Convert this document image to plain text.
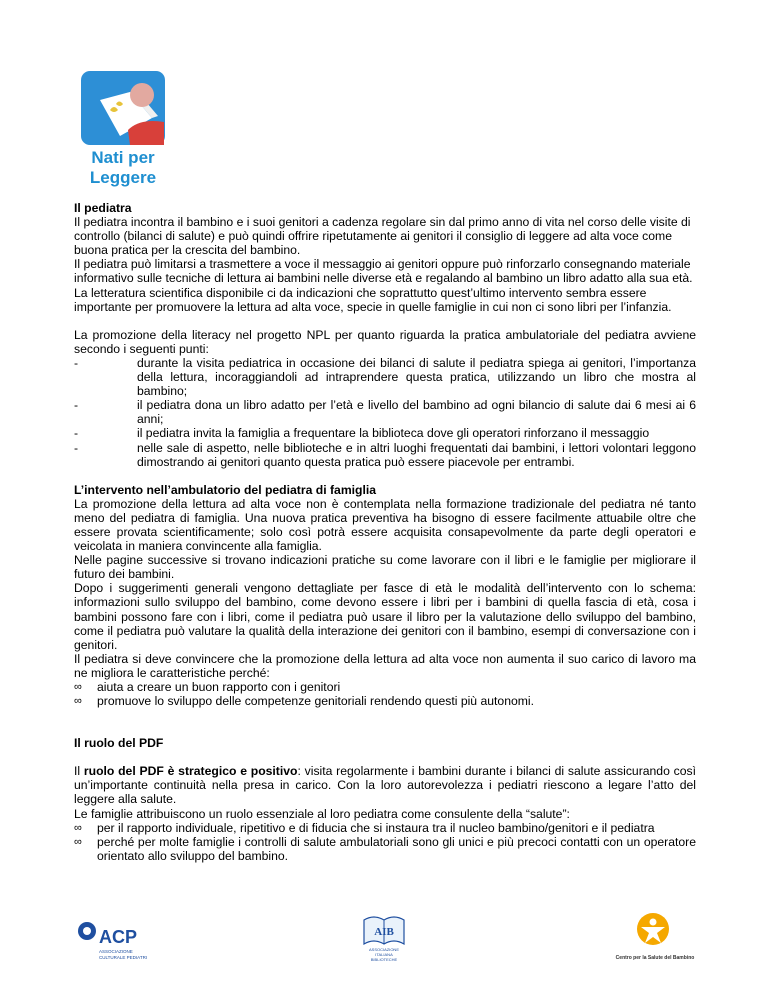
Nati per
Leggere

Il pediatra

Il pediatra incontra il bambino e i suoi genitori a cadenza regolare sin dal primo anno di vita nel corso delle visite di controllo (bilanci di salute) e può quindi offrire ripetutamente ai genitori il consiglio di leggere ad alta voce come buona pratica per la crescita del bambino.

Il pediatra può limitarsi a trasmettere a voce il messaggio ai genitori oppure può rinforzarlo consegnando materiale informativo sulle tecniche di lettura ai bambini nelle diverse età e regalando al bambino un libro adatto alla sua età. La letteratura scientifica disponibile ci da indicazioni che soprattutto quest’ultimo intervento sembra essere importante per promuovere la lettura ad alta voce, specie in quelle famiglie in cui non ci sono libri per l’infanzia.

La promozione della literacy nel progetto NPL per quanto riguarda la pratica ambulatoriale del pediatra avviene secondo i seguenti punti:

-	durante la visita pediatrica in occasione dei bilanci di salute il pediatra spiega ai genitori, l’importanza della lettura, incoraggiandoli ad intraprendere questa pratica, utilizzando un libro che mostra al bambino;
-	il pediatra dona un libro adatto per l’età e livello del bambino ad ogni bilancio di salute dai 6 mesi ai 6 anni;
-	il pediatra invita la famiglia a frequentare la biblioteca dove gli operatori rinforzano il messaggio
-	nelle sale di aspetto, nelle biblioteche e in altri luoghi frequentati dai bambini, i lettori volontari leggono dimostrando ai genitori quanto questa pratica può essere piacevole per entrambi.

L’intervento nell’ambulatorio del pediatra di famiglia

La promozione della lettura ad alta voce non è contemplata nella formazione tradizionale del pediatra né tanto meno del pediatra di famiglia. Una nuova pratica preventiva ha bisogno di essere facilmente attuabile oltre che essere provata scientificamente; solo così potrà essere acquisita consapevolmente da parte degli operatori e veicolata in maniera convincente alla famiglia.

Nelle pagine successive si trovano indicazioni pratiche su come lavorare con il libri e le famiglie per migliorare il futuro dei bambini.

Dopo i suggerimenti generali vengono dettagliate per fasce di età le modalità dell’intervento con lo schema: informazioni sullo sviluppo del bambino, come devono essere i libri per i bambini di quella fascia di età, cosa i bambini possono fare con i libri, come il pediatra può usare il libro per la valutazione dello sviluppo del bambino, come il pediatra può valutare la qualità della interazione dei genitori con il bambino, esempi di conversazione con i genitori.

Il pediatra si deve convincere che la promozione della lettura ad alta voce non aumenta il suo carico di lavoro ma ne migliora le caratteristiche perché:

∞ aiuta a creare un buon rapporto con i genitori
∞ promuove lo sviluppo delle competenze genitoriali rendendo questi più autonomi.

Il ruolo del PDF

Il ruolo del PDF è strategico e positivo: visita regolarmente i bambini durante i bilanci di salute assicurando così un’importante continuità nella presa in carico. Con la loro autorevolezza i pediatri riescono a legare l’atto del leggere alla salute.

Le famiglie attribuiscono un ruolo essenziale al loro pediatra come consulente della “salute”:

∞ per il rapporto individuale, ripetitivo e di fiducia che si instaura tra il nucleo bambino/genitori e il pediatra
∞ perché per molte famiglie i controlli di salute ambulatoriali sono gli unici e più precoci contatti con un operatore orientato allo sviluppo del bambino.
ACP
ASSOCIAZIONE
CULTURALE PEDIATRI
AIB
ASSOCIAZIONE
ITALIANA
BIBLIOTECHE	Centro per la Salute del Bambino
